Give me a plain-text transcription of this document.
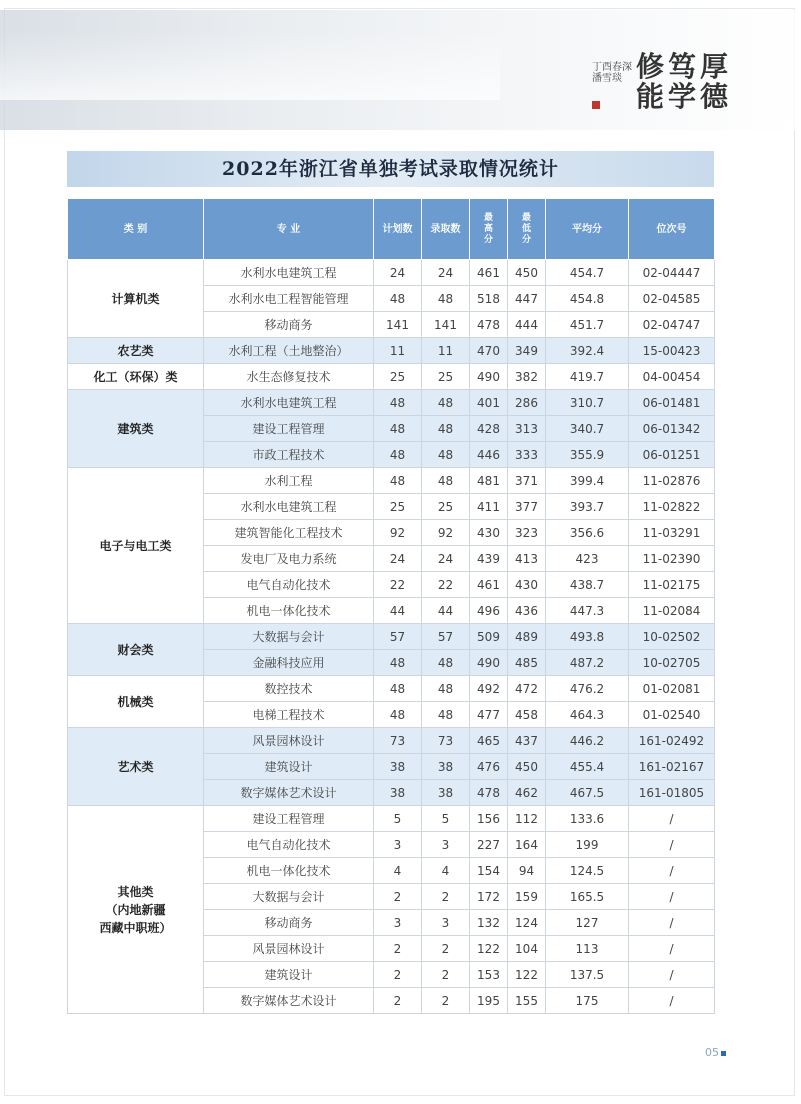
厚
德
笃
学
修
能
丁酉春深 潘雪琰
2022年浙江省单独考试录取情况统计
类 别	专 业	计划数	录取数	最高分	最低分	平均分	位次号
计算机类	水利水电建筑工程	24	24	461	450	454.7	02-04447
	水利水电工程智能管理	48	48	518	447	454.8	02-04585
	移动商务	141	141	478	444	451.7	02-04747
农艺类	水利工程（土地整治）	11	11	470	349	392.4	15-00423
化工（环保）类	水生态修复技术	25	25	490	382	419.7	04-00454
建筑类	水利水电建筑工程	48	48	401	286	310.7	06-01481
	建设工程管理	48	48	428	313	340.7	06-01342
	市政工程技术	48	48	446	333	355.9	06-01251
电子与电工类	水利工程	48	48	481	371	399.4	11-02876
	水利水电建筑工程	25	25	411	377	393.7	11-02822
	建筑智能化工程技术	92	92	430	323	356.6	11-03291
	发电厂及电力系统	24	24	439	413	423	11-02390
	电气自动化技术	22	22	461	430	438.7	11-02175
	机电一体化技术	44	44	496	436	447.3	11-02084
财会类	大数据与会计	57	57	509	489	493.8	10-02502
	金融科技应用	48	48	490	485	487.2	10-02705
机械类	数控技术	48	48	492	472	476.2	01-02081
	电梯工程技术	48	48	477	458	464.3	01-02540
艺术类	风景园林设计	73	73	465	437	446.2	161-02492
	建筑设计	38	38	476	450	455.4	161-02167
	数字媒体艺术设计	38	38	478	462	467.5	161-01805
其他类
（内地新疆
西藏中职班）	建设工程管理	5	5	156	112	133.6	/
	电气自动化技术	3	3	227	164	199	/
	机电一体化技术	4	4	154	94	124.5	/
	大数据与会计	2	2	172	159	165.5	/
	移动商务	3	3	132	124	127	/
	风景园林设计	2	2	122	104	113	/
	建筑设计	2	2	153	122	137.5	/
	数字媒体艺术设计	2	2	195	155	175	/
05
